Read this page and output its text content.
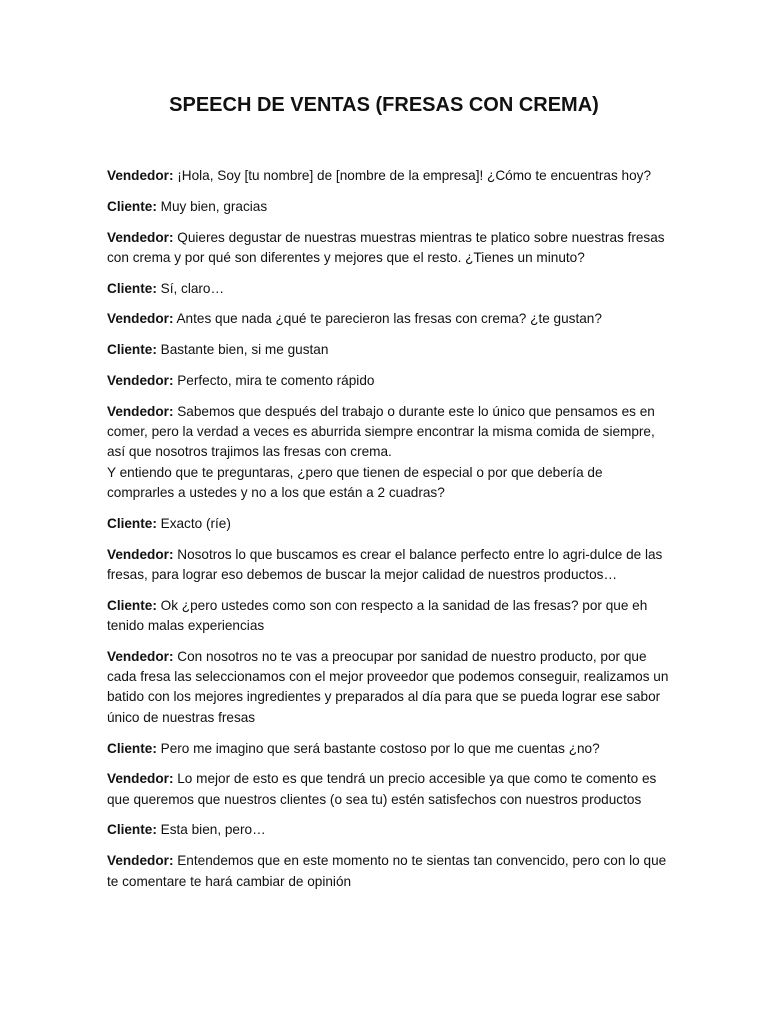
SPEECH DE VENTAS (FRESAS CON CREMA)

Vendedor: ¡Hola, Soy [tu nombre] de [nombre de la empresa]! ¿Cómo te encuentras hoy?

Cliente: Muy bien, gracias

Vendedor: Quieres degustar de nuestras muestras mientras te platico sobre nuestras fresas con crema y por qué son diferentes y mejores que el resto. ¿Tienes un minuto?

Cliente: Sí, claro…

Vendedor: Antes que nada ¿qué te parecieron las fresas con crema? ¿te gustan?

Cliente: Bastante bien, si me gustan

Vendedor: Perfecto, mira te comento rápido

Vendedor: Sabemos que después del trabajo o durante este lo único que pensamos es en comer, pero la verdad a veces es aburrida siempre encontrar la misma comida de siempre, así que nosotros trajimos las fresas con crema.
Y entiendo que te preguntaras, ¿pero que tienen de especial o por que debería de comprarles a ustedes y no a los que están a 2 cuadras?

Cliente: Exacto (ríe)

Vendedor: Nosotros lo que buscamos es crear el balance perfecto entre lo agri-dulce de las fresas, para lograr eso debemos de buscar la mejor calidad de nuestros productos…

Cliente: Ok ¿pero ustedes como son con respecto a la sanidad de las fresas? por que eh tenido malas experiencias

Vendedor: Con nosotros no te vas a preocupar por sanidad de nuestro producto, por que cada fresa las seleccionamos con el mejor proveedor que podemos conseguir, realizamos un batido con los mejores ingredientes y preparados al día para que se pueda lograr ese sabor único de nuestras fresas

Cliente: Pero me imagino que será bastante costoso por lo que me cuentas ¿no?

Vendedor: Lo mejor de esto es que tendrá un precio accesible ya que como te comento es que queremos que nuestros clientes (o sea tu) estén satisfechos con nuestros productos

Cliente: Esta bien, pero…

Vendedor: Entendemos que en este momento no te sientas tan convencido, pero con lo que te comentare te hará cambiar de opinión
